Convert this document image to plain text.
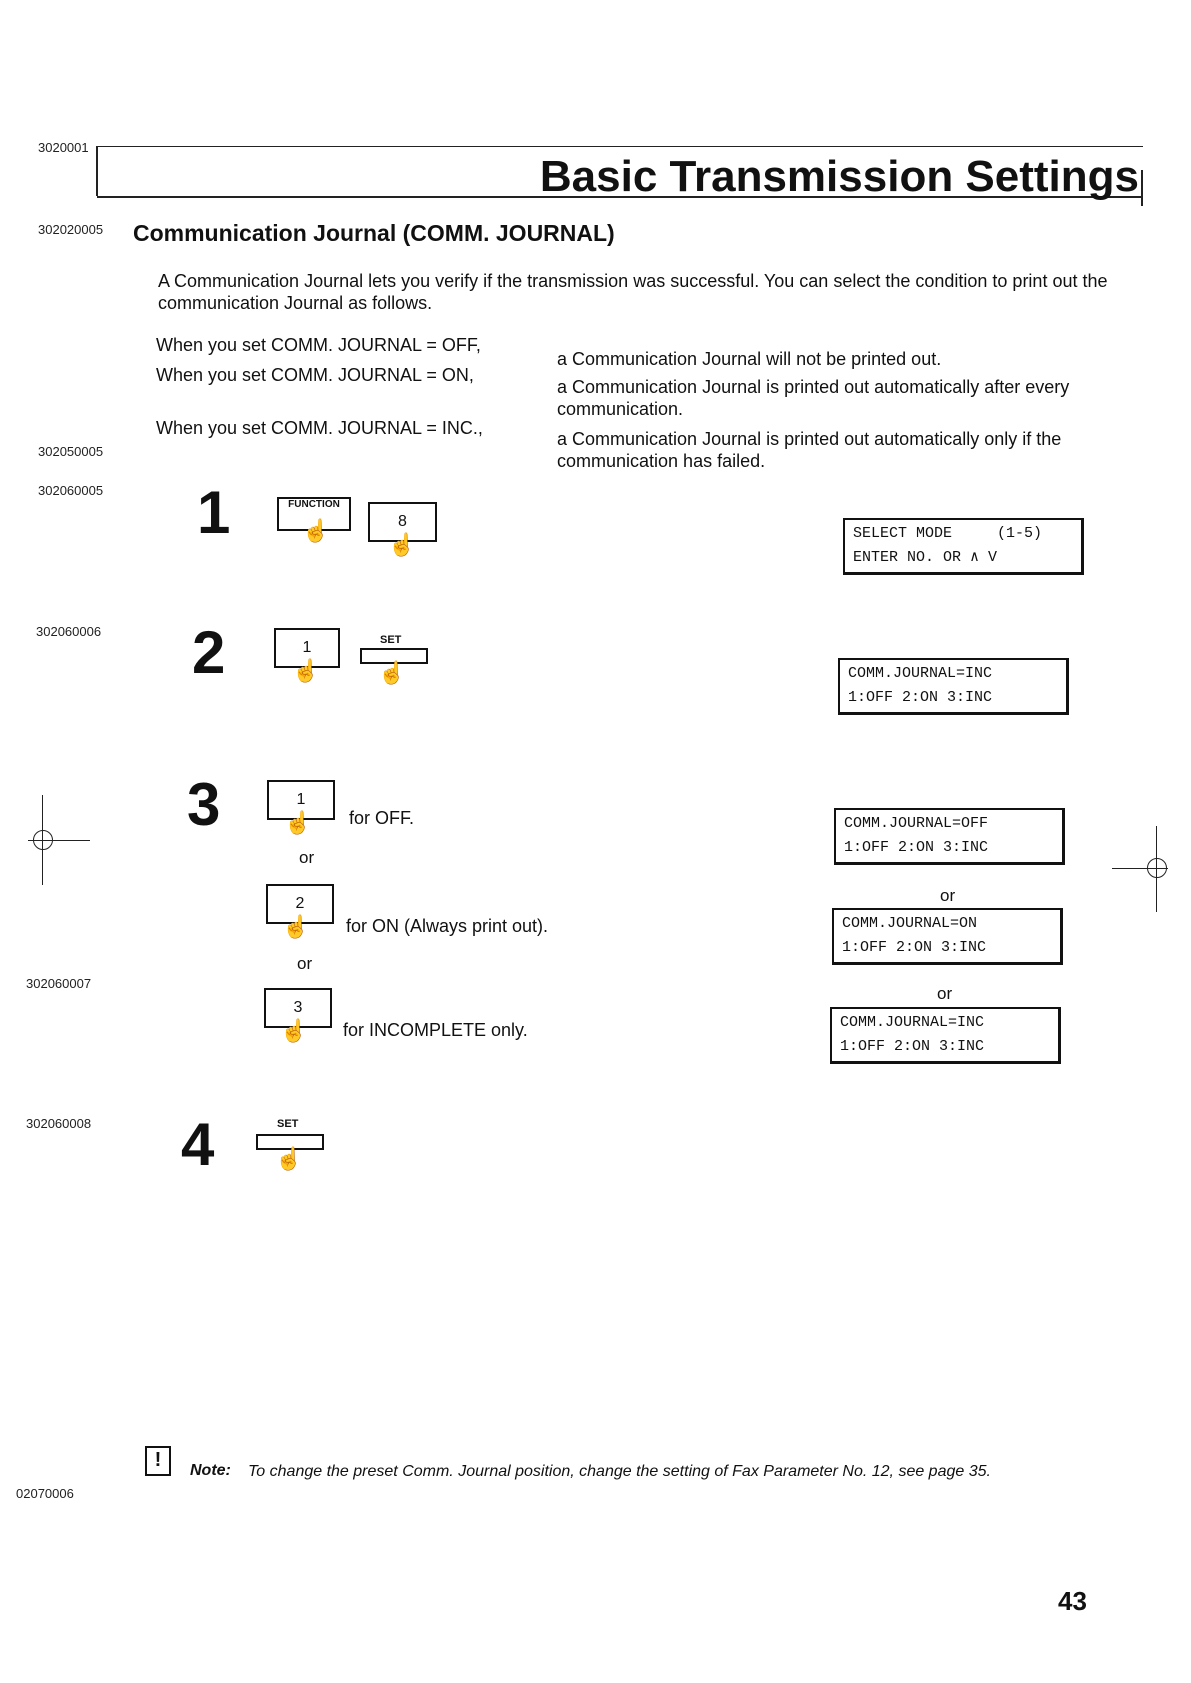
3020001
Basic Transmission Settings
302020005 Communication Journal (COMM. JOURNAL)
A Communication Journal lets you verify if the transmission was successful. You can select the condition to print out the communication Journal as follows.
When you set COMM. JOURNAL = OFF,
a Communication Journal will not be printed out.
When you set COMM. JOURNAL = ON,
a Communication Journal is printed out automatically after every communication.
When you set COMM. JOURNAL = INC.,
a Communication Journal is printed out automatically only if the communication has failed.
302050005
302060005
302060006
302060007
302060008
1	FUNCTION
☝	8
☝	SELECT MODE     (1-5)
ENTER NO. OR ∧ V
2	1
☝
SET
☝	COMM.JOURNAL=INC
1:OFF 2:ON 3:INC
3	1
☝ for OFF.
or
2
☝ for ON (Always print out).
or
3
☝ for INCOMPLETE only.
COMM.JOURNAL=OFF
1:OFF 2:ON 3:INC
or
COMM.JOURNAL=ON
1:OFF 2:ON 3:INC
or
COMM.JOURNAL=INC
1:OFF 2:ON 3:INC
4	SET
☝
02070006
!	Note: To change the preset Comm. Journal position, change the setting of Fax Parameter No. 12, see page 35.
43
